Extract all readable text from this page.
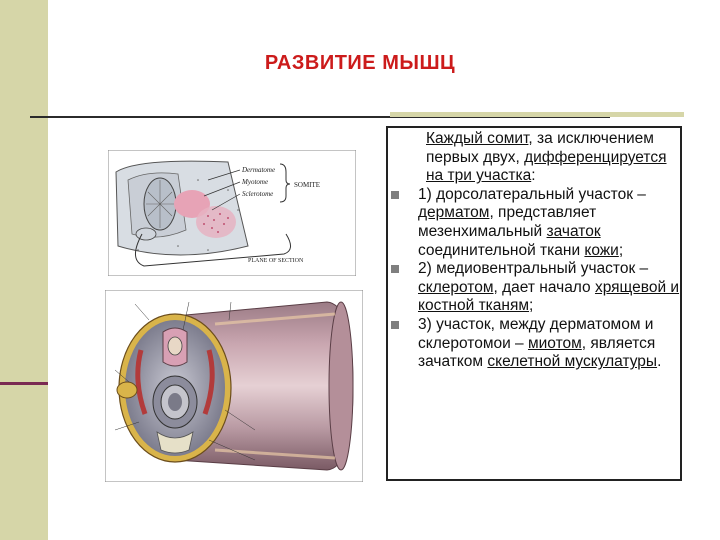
РАЗВИТИЕ МЫШЦ
Dermatome
Myotome
Sclerotome
SOMITE
PLANE OF SECTION

Каждый сомит, за исключением первых двух, дифференцируется на три участка:

1) дорсолатеральный участок – дерматом, представляет мезенхимальный зачаток соединительной ткани кожи;

2) медиовентральный участок – склеротом, дает начало хрящевой и костной тканям;

3) участок, между дерматомом и склеротомои – миотом, является зачатком скелетной мускулатуры.
